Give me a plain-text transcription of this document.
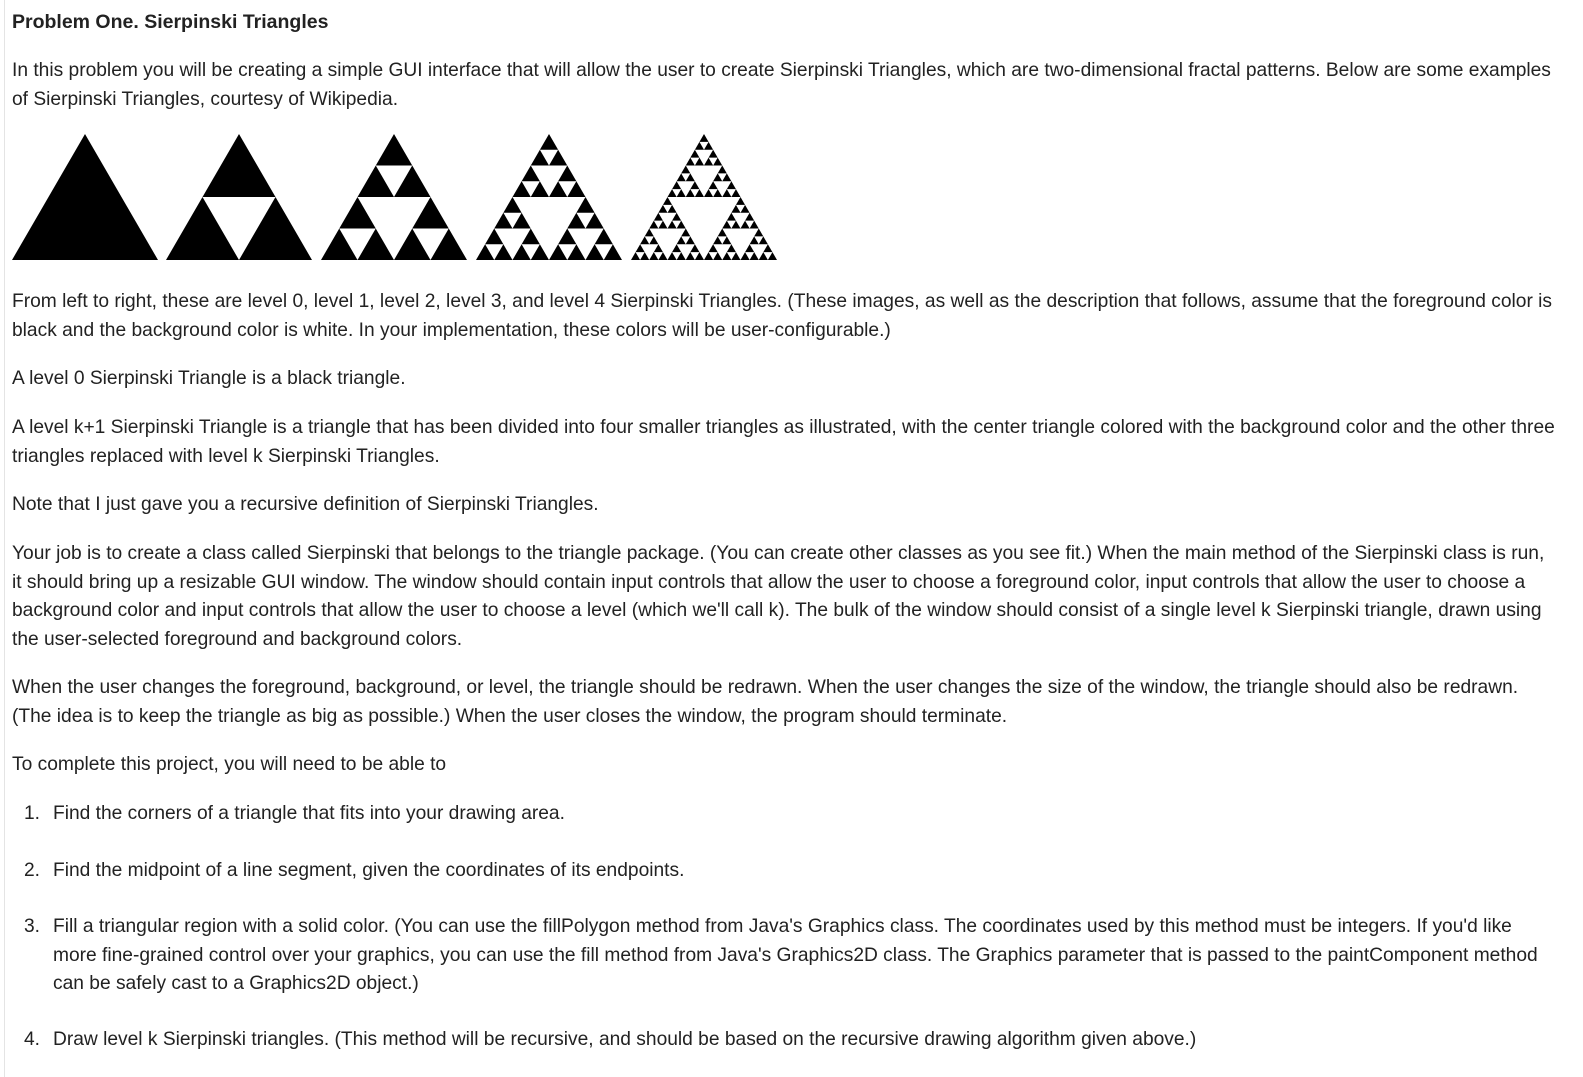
Problem One. Sierpinski Triangles
In this problem you will be creating a simple GUI interface that will allow the user to create Sierpinski Triangles, which are two-dimensional fractal patterns. Below are some examples of Sierpinski Triangles, courtesy of Wikipedia.
From left to right, these are level 0, level 1, level 2, level 3, and level 4 Sierpinski Triangles. (These images, as well as the description that follows, assume that the foreground color is black and the background color is white. In your implementation, these colors will be user-configurable.)
A level 0 Sierpinski Triangle is a black triangle.
A level k+1 Sierpinski Triangle is a triangle that has been divided into four smaller triangles as illustrated, with the center triangle colored with the background color and the other three triangles replaced with level k Sierpinski Triangles.
Note that I just gave you a recursive definition of Sierpinski Triangles.
Your job is to create a class called Sierpinski that belongs to the triangle package. (You can create other classes as you see fit.) When the main method of the Sierpinski class is run, it should bring up a resizable GUI window. The window should contain input controls that allow the user to choose a foreground color, input controls that allow the user to choose a background color and input controls that allow the user to choose a level (which we'll call k). The bulk of the window should consist of a single level k Sierpinski triangle, drawn using the user-selected foreground and background colors.
When the user changes the foreground, background, or level, the triangle should be redrawn. When the user changes the size of the window, the triangle should also be redrawn. (The idea is to keep the triangle as big as possible.) When the user closes the window, the program should terminate.
To complete this project, you will need to be able to
1. Find the corners of a triangle that fits into your drawing area.
2. Find the midpoint of a line segment, given the coordinates of its endpoints.
3. Fill a triangular region with a solid color. (You can use the fillPolygon method from Java's Graphics class. The coordinates used by this method must be integers. If you'd like more fine-grained control over your graphics, you can use the fill method from Java's Graphics2D class. The Graphics parameter that is passed to the paintComponent method can be safely cast to a Graphics2D object.)
4. Draw level k Sierpinski triangles. (This method will be recursive, and should be based on the recursive drawing algorithm given above.)
